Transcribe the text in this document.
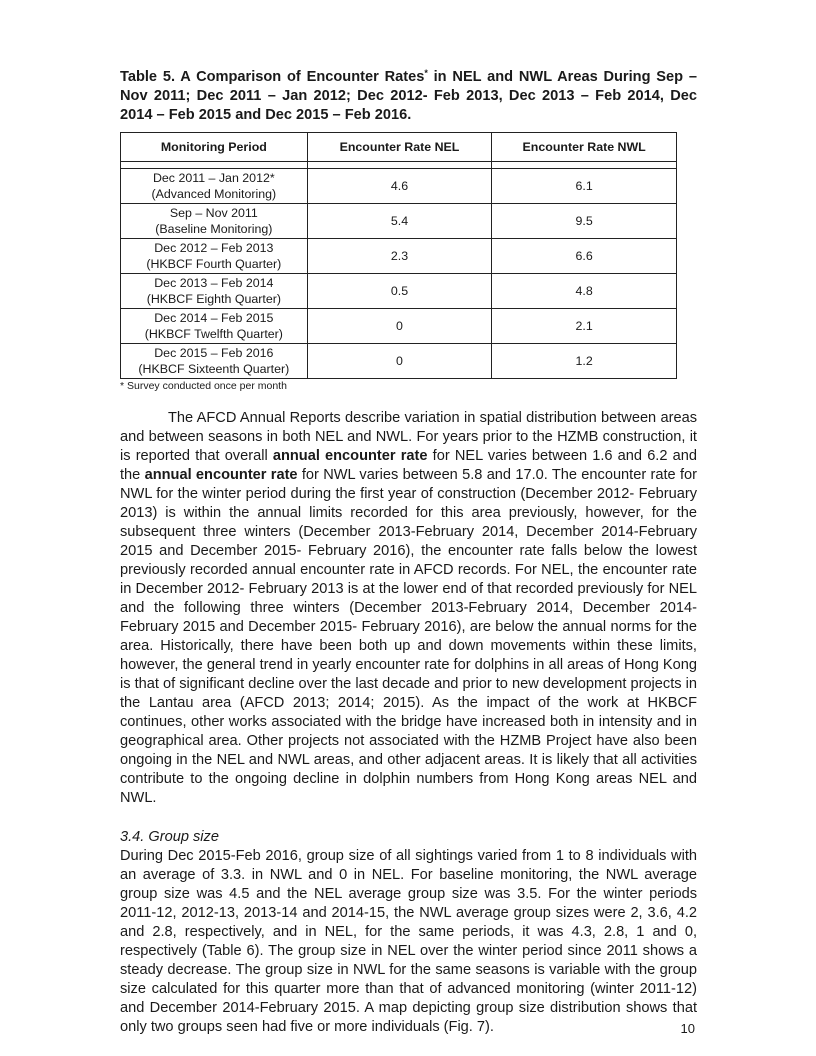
Table 5. A Comparison of Encounter Rates* in NEL and NWL Areas During Sep – Nov 2011; Dec 2011 – Jan 2012; Dec 2012- Feb 2013, Dec 2013 – Feb 2014, Dec 2014 – Feb 2015 and Dec 2015 – Feb 2016.

Monitoring Period	Encounter Rate NEL	Encounter Rate NWL

Dec 2011 – Jan 2012*
(Advanced Monitoring)	4.6	6.1
Sep – Nov 2011
(Baseline Monitoring)	5.4	9.5
Dec 2012 – Feb 2013
(HKBCF Fourth Quarter)	2.3	6.6
Dec 2013 – Feb 2014
(HKBCF Eighth Quarter)	0.5	4.8
Dec 2014 – Feb 2015
(HKBCF Twelfth Quarter)	0	2.1
Dec 2015 – Feb 2016
(HKBCF Sixteenth Quarter)	0	1.2
* Survey conducted once per month

The AFCD Annual Reports describe variation in spatial distribution between areas and between seasons in both NEL and NWL. For years prior to the HZMB construction, it is reported that overall annual encounter rate for NEL varies between 1.6 and 6.2 and the annual encounter rate for NWL varies between 5.8 and 17.0. The encounter rate for NWL for the winter period during the first year of construction (December 2012- February 2013) is within the annual limits recorded for this area previously, however, for the subsequent three winters (December 2013-February 2014, December 2014-February 2015 and December 2015- February 2016), the encounter rate falls below the lowest previously recorded annual encounter rate in AFCD records. For NEL, the encounter rate in December 2012- February 2013 is at the lower end of that recorded previously for NEL and the following three winters (December 2013-February 2014, December 2014-February 2015 and December 2015- February 2016), are below the annual norms for the area. Historically, there have been both up and down movements within these limits, however, the general trend in yearly encounter rate for dolphins in all areas of Hong Kong is that of significant decline over the last decade and prior to new development projects in the Lantau area (AFCD 2013; 2014; 2015). As the impact of the work at HKBCF continues, other works associated with the bridge have increased both in intensity and in geographical area. Other projects not associated with the HZMB Project have also been ongoing in the NEL and NWL areas, and other adjacent areas. It is likely that all activities contribute to the ongoing decline in dolphin numbers from Hong Kong areas NEL and NWL.

3.4. Group size

During Dec 2015-Feb 2016, group size of all sightings varied from 1 to 8 individuals with an average of 3.3. in NWL and 0 in NEL. For baseline monitoring, the NWL average group size was 4.5 and the NEL average group size was 3.5. For the winter periods 2011-12, 2012-13, 2013-14 and 2014-15, the NWL average group sizes were 2, 3.6, 4.2 and 2.8, respectively, and in NEL, for the same periods, it was 4.3, 2.8, 1 and 0, respectively (Table 6). The group size in NEL over the winter period since 2011 shows a steady decrease. The group size in NWL for the same seasons is variable with the group size calculated for this quarter more than that of advanced monitoring (winter 2011-12) and December 2014-February 2015. A map depicting group size distribution shows that only two groups seen had five or more individuals (Fig. 7).	10
